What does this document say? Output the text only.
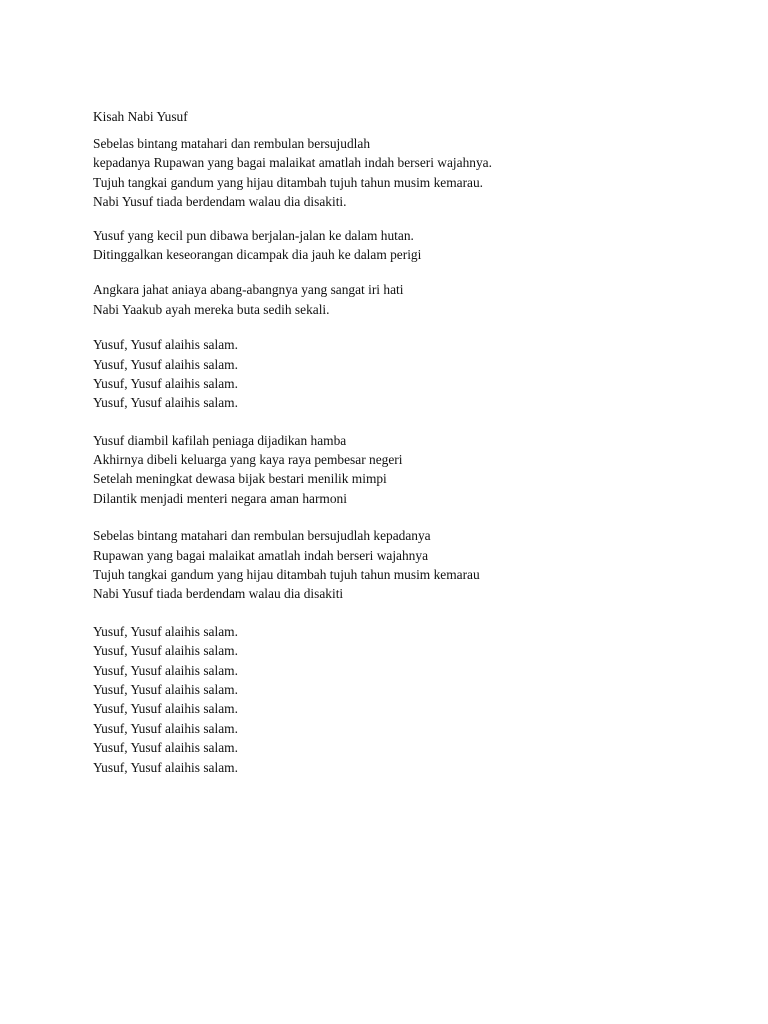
Kisah Nabi Yusuf
Sebelas bintang matahari dan rembulan bersujudlah
kepadanya Rupawan yang bagai malaikat amatlah indah berseri wajahnya.
Tujuh tangkai gandum yang hijau ditambah tujuh tahun musim kemarau.
Nabi Yusuf tiada berdendam walau dia disakiti.
Yusuf yang kecil pun dibawa berjalan-jalan ke dalam hutan.
Ditinggalkan keseorangan dicampak dia jauh ke dalam perigi
Angkara jahat aniaya abang-abangnya yang sangat iri hati
Nabi Yaakub ayah mereka buta sedih sekali.
Yusuf, Yusuf alaihis salam.
Yusuf, Yusuf alaihis salam.
Yusuf, Yusuf alaihis salam.
Yusuf, Yusuf alaihis salam.
Yusuf diambil kafilah peniaga dijadikan hamba
Akhirnya dibeli keluarga yang kaya raya pembesar negeri
Setelah meningkat dewasa bijak bestari menilik mimpi
Dilantik menjadi menteri negara aman harmoni
Sebelas bintang matahari dan rembulan bersujudlah kepadanya
Rupawan yang bagai malaikat amatlah indah berseri wajahnya
Tujuh tangkai gandum yang hijau ditambah tujuh tahun musim kemarau
Nabi Yusuf tiada berdendam walau dia disakiti
Yusuf, Yusuf alaihis salam.
Yusuf, Yusuf alaihis salam.
Yusuf, Yusuf alaihis salam.
Yusuf, Yusuf alaihis salam.
Yusuf, Yusuf alaihis salam.
Yusuf, Yusuf alaihis salam.
Yusuf, Yusuf alaihis salam.
Yusuf, Yusuf alaihis salam.
